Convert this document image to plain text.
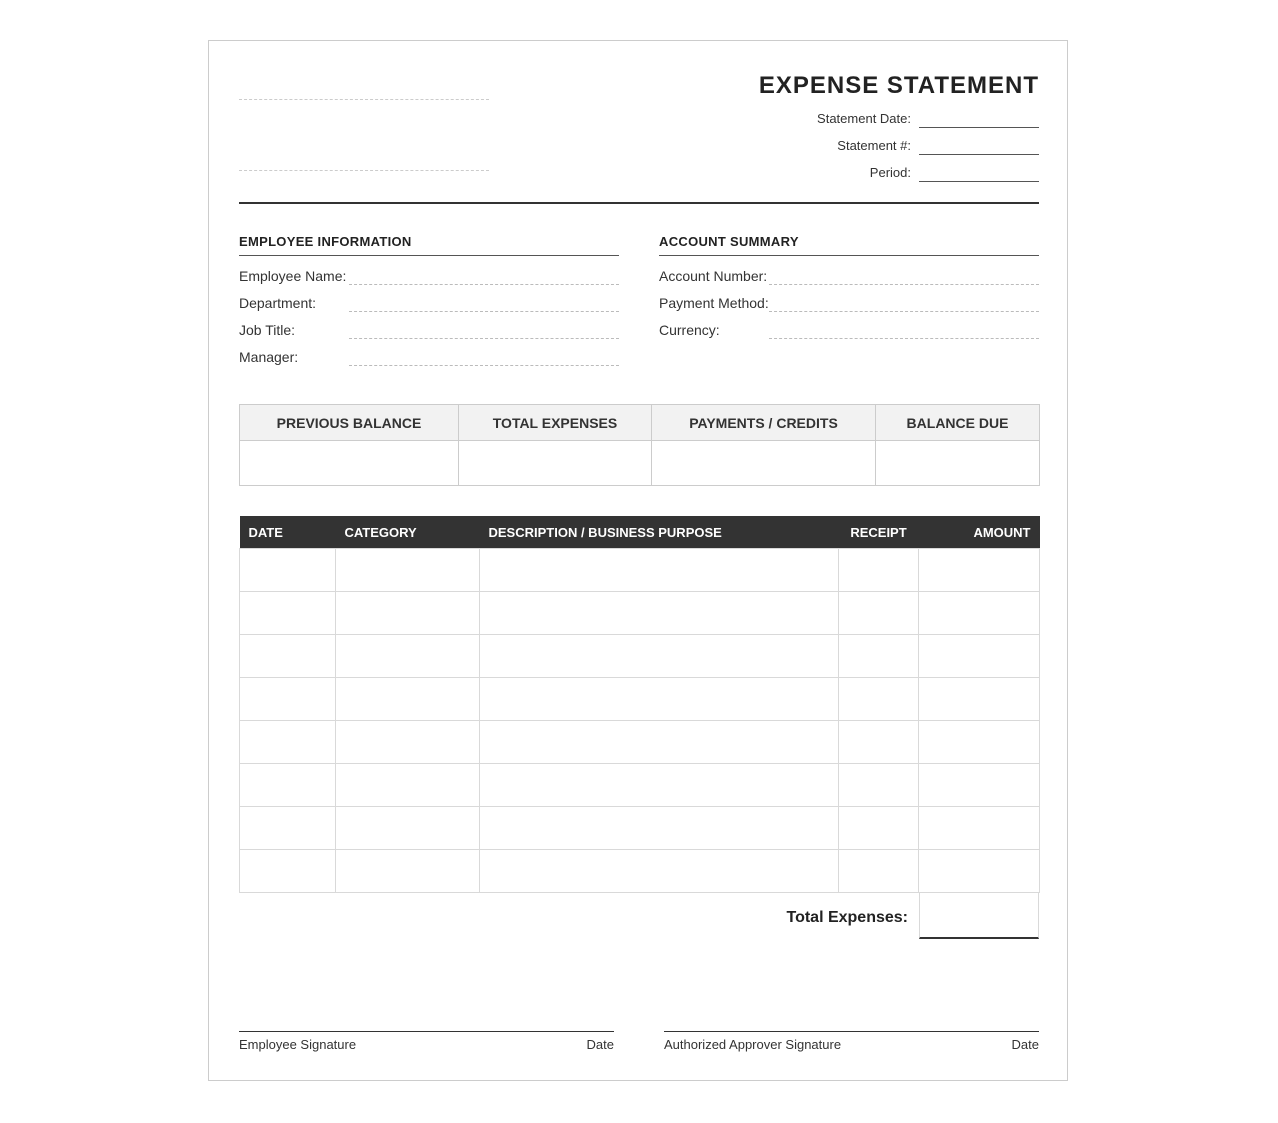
EXPENSE STATEMENT
Statement Date:
Statement #:
Period:
EMPLOYEE INFORMATION
Employee Name:
Department:
Job Title:
Manager:
ACCOUNT SUMMARY
Account Number:
Payment Method:
Currency:
PREVIOUS BALANCE	TOTAL EXPENSES	PAYMENTS / CREDITS	BALANCE DUE

DATE	CATEGORY	DESCRIPTION / BUSINESS PURPOSE	RECEIPT	AMOUNT

Total Expenses:
Employee Signature	Date	Authorized Approver Signature	Date
